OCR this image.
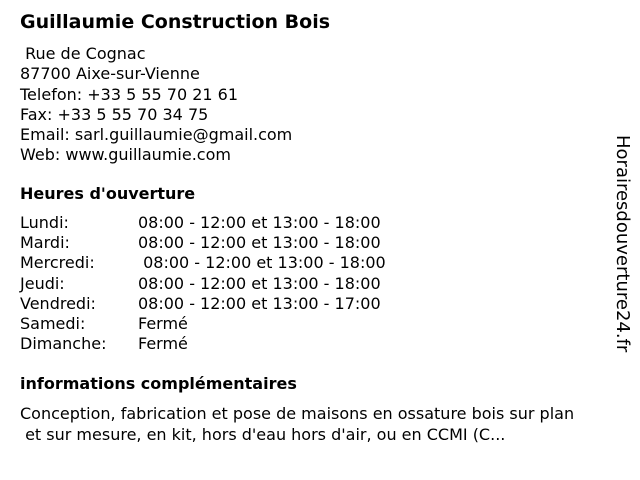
Guillaumie Construction Bois
Rue de Cognac
87700 Aixe-sur-Vienne
Telefon: +33 5 55 70 21 61
Fax: +33 5 55 70 34 75
Email: sarl.guillaumie@gmail.com
Web: www.guillaumie.com
Heures d'ouverture
Lundi:	08:00 - 12:00 et 13:00 - 18:00
Mardi:	08:00 - 12:00 et 13:00 - 18:00
Mercredi:	08:00 - 12:00 et 13:00 - 18:00
Jeudi:	08:00 - 12:00 et 13:00 - 18:00
Vendredi:	08:00 - 12:00 et 13:00 - 17:00
Samedi:	Fermé
Dimanche: Fermé
informations complémentaires
Conception, fabrication et pose de maisons en ossature bois sur plan
et sur mesure, en kit, hors d'eau hors d'air, ou en CCMI (C...
Horairesdouverture24.fr
